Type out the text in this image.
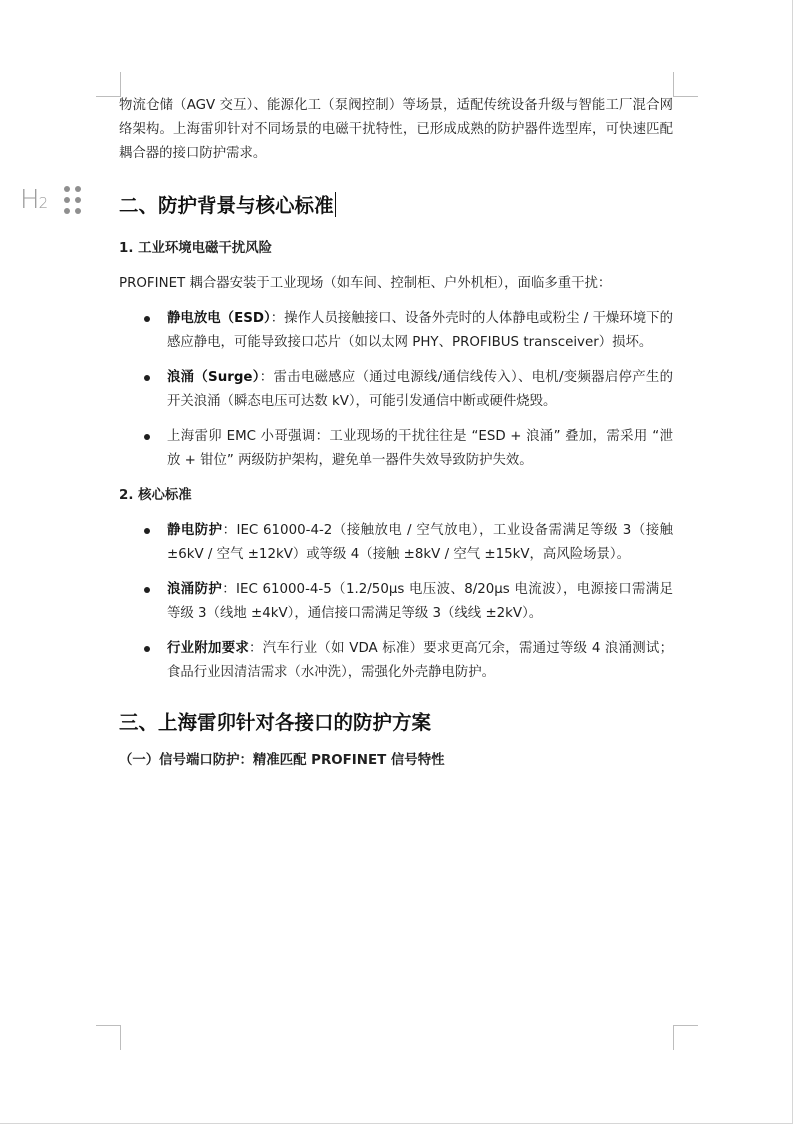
H2

物流仓储（AGV 交互）、能源化工（泵阀控制）等场景，适配传统设备升级与智能工厂混合网络架构。上海雷卯针对不同场景的电磁干扰特性，已形成成熟的防护器件选型库，可快速匹配耦合器的接口防护需求。

二、防护背景与核心标准
1. 工业环境电磁干扰风险

PROFINET 耦合器安装于工业现场（如车间、控制柜、户外机柜），面临多重干扰：

静电放电（ESD）：操作人员接触接口、设备外壳时的人体静电或粉尘 / 干燥环境下的感应静电，可能导致接口芯片（如以太网 PHY、PROFIBUS transceiver）损坏。
浪涌（Surge）：雷击电磁感应（通过电源线/通信线传入）、电机/变频器启停产生的开关浪涌（瞬态电压可达数 kV），可能引发通信中断或硬件烧毁。
上海雷卯 EMC 小哥强调：工业现场的干扰往往是 “ESD + 浪涌” 叠加，需采用 “泄放 + 钳位” 两级防护架构，避免单一器件失效导致防护失效。
2. 核心标准
静电防护：IEC 61000-4-2（接触放电 / 空气放电），工业设备需满足等级 3（接触 ±6kV / 空气 ±12kV）或等级 4（接触 ±8kV / 空气 ±15kV，高风险场景）。
浪涌防护：IEC 61000-4-5（1.2/50μs 电压波、8/20μs 电流波），电源接口需满足等级 3（线地 ±4kV），通信接口需满足等级 3（线线 ±2kV）。
行业附加要求：汽车行业（如 VDA 标准）要求更高冗余，需通过等级 4 浪涌测试；食品行业因清洁需求（水冲洗），需强化外壳静电防护。
三、上海雷卯针对各接口的防护方案
（一）信号端口防护：精准匹配 PROFINET 信号特性
